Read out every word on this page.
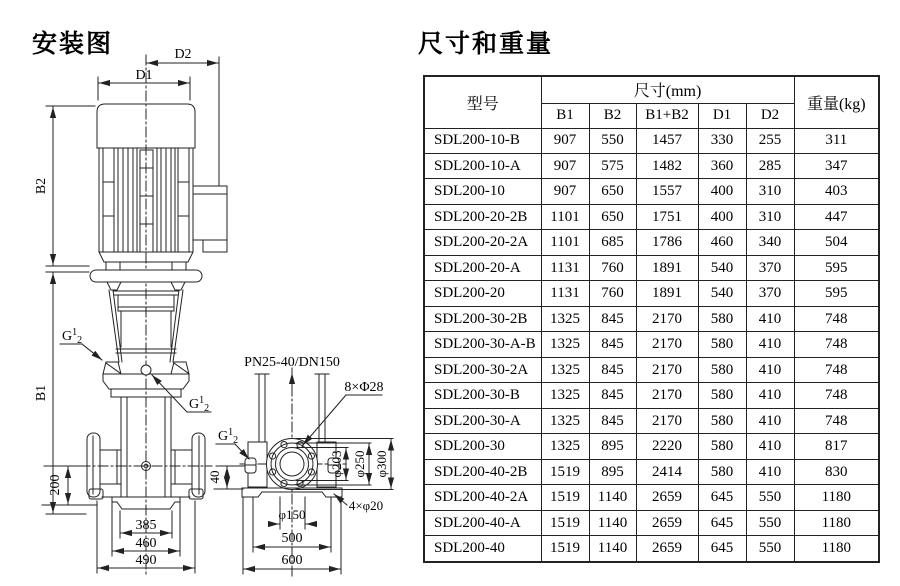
安装图	尺寸和重量
D2
D1
B2
B1
200
385
460
490
$G^1_2$
$G^1_2$
PN25-40/DN150
8×Φ28
$G^1_2$
40	φ203 φ250 φ300
φ150
500
600
4×φ20
型号	尺寸(mm)					重量(kg)
	B1	B2	B1+B2	D1	D2	
SDL200-10-B	907	550	1457	330	255	311
SDL200-10-A	907	575	1482	360	285	347
SDL200-10	907	650	1557	400	310	403
SDL200-20-2B	1101	650	1751	400	310	447
SDL200-20-2A	1101	685	1786	460	340	504
SDL200-20-A	1131	760	1891	540	370	595
SDL200-20	1131	760	1891	540	370	595
SDL200-30-2B	1325	845	2170	580	410	748
SDL200-30-A-B	1325	845	2170	580	410	748
SDL200-30-2A	1325	845	2170	580	410	748
SDL200-30-B	1325	845	2170	580	410	748
SDL200-30-A	1325	845	2170	580	410	748
SDL200-30	1325	895	2220	580	410	817
SDL200-40-2B	1519	895	2414	580	410	830
SDL200-40-2A	1519	1140	2659	645	550	1180
SDL200-40-A	1519	1140	2659	645	550	1180
SDL200-40	1519	1140	2659	645	550	1180
